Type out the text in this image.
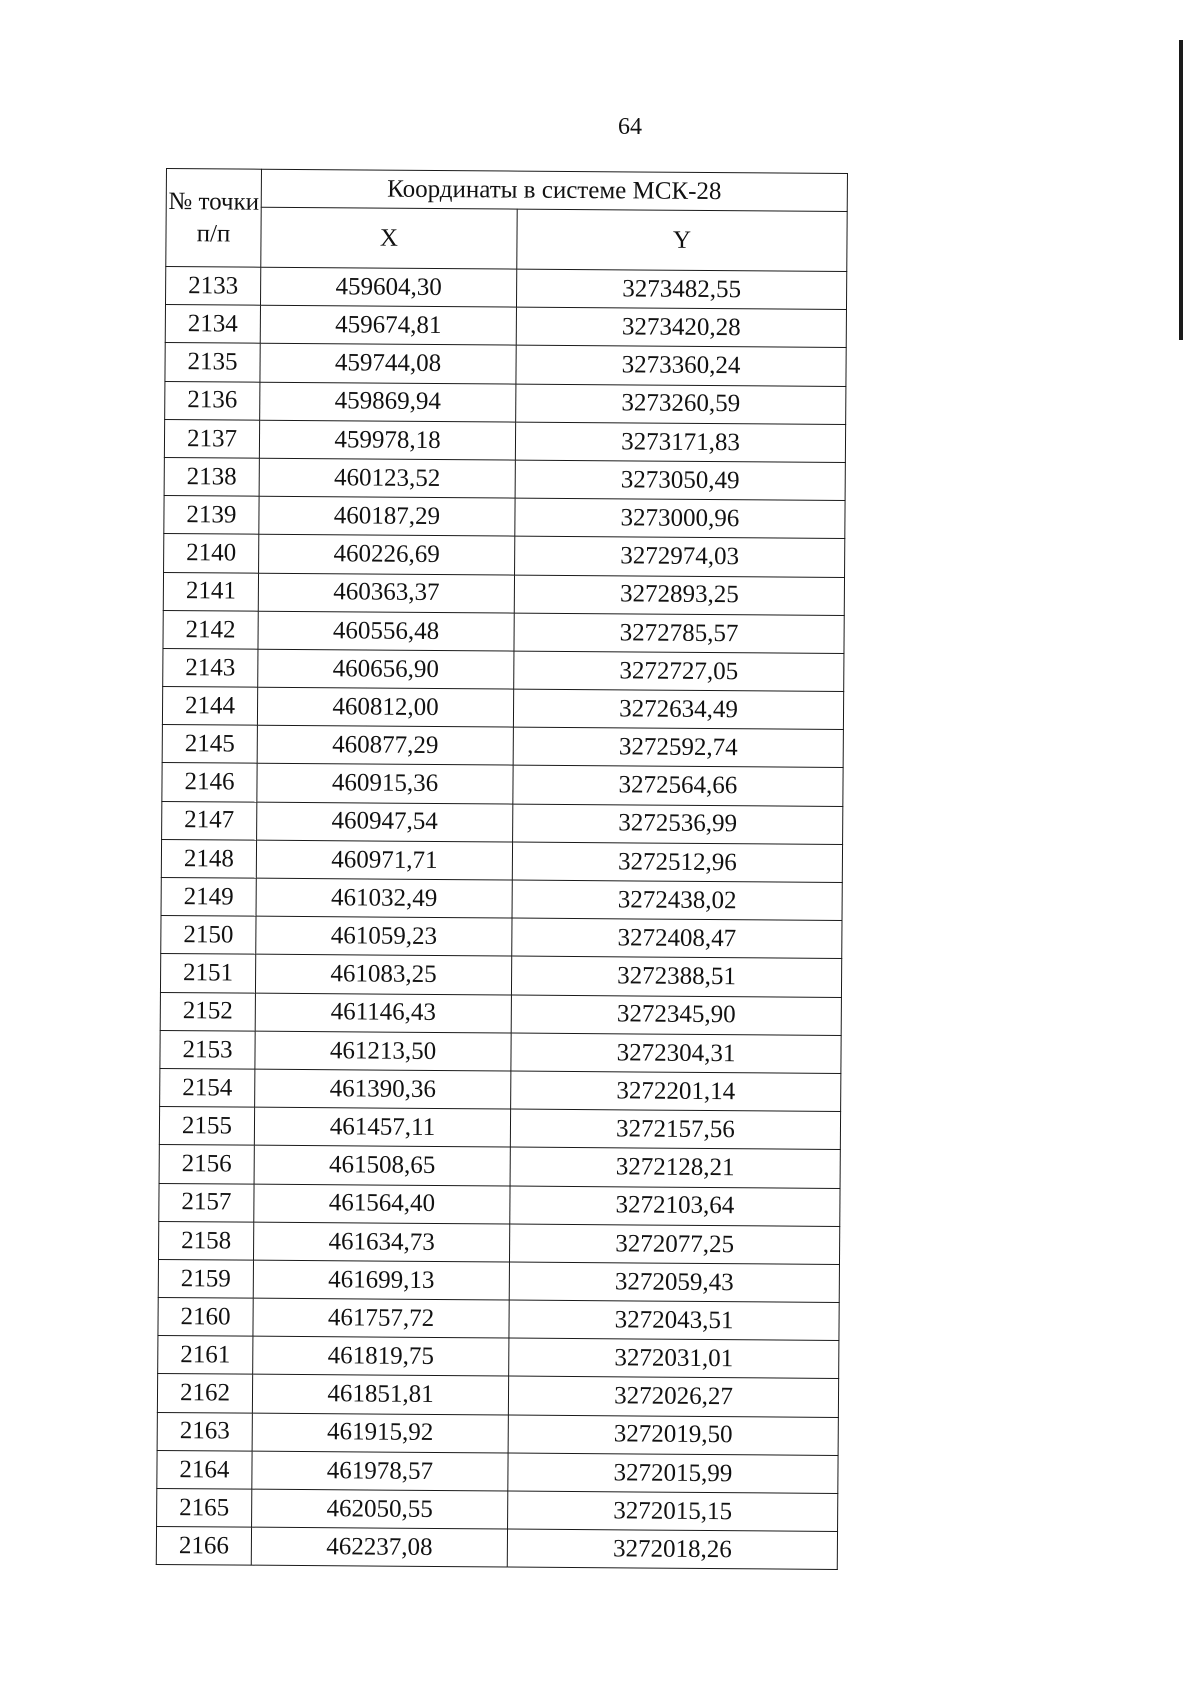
64
№ точки п/п	Координаты в системе МСК-28	
	X	Y
2133	459604,30	3273482,55
2134	459674,81	3273420,28
2135	459744,08	3273360,24
2136	459869,94	3273260,59
2137	459978,18	3273171,83
2138	460123,52	3273050,49
2139	460187,29	3273000,96
2140	460226,69	3272974,03
2141	460363,37	3272893,25
2142	460556,48	3272785,57
2143	460656,90	3272727,05
2144	460812,00	3272634,49
2145	460877,29	3272592,74
2146	460915,36	3272564,66
2147	460947,54	3272536,99
2148	460971,71	3272512,96
2149	461032,49	3272438,02
2150	461059,23	3272408,47
2151	461083,25	3272388,51
2152	461146,43	3272345,90
2153	461213,50	3272304,31
2154	461390,36	3272201,14
2155	461457,11	3272157,56
2156	461508,65	3272128,21
2157	461564,40	3272103,64
2158	461634,73	3272077,25
2159	461699,13	3272059,43
2160	461757,72	3272043,51
2161	461819,75	3272031,01
2162	461851,81	3272026,27
2163	461915,92	3272019,50
2164	461978,57	3272015,99
2165	462050,55	3272015,15
2166	462237,08	3272018,26
